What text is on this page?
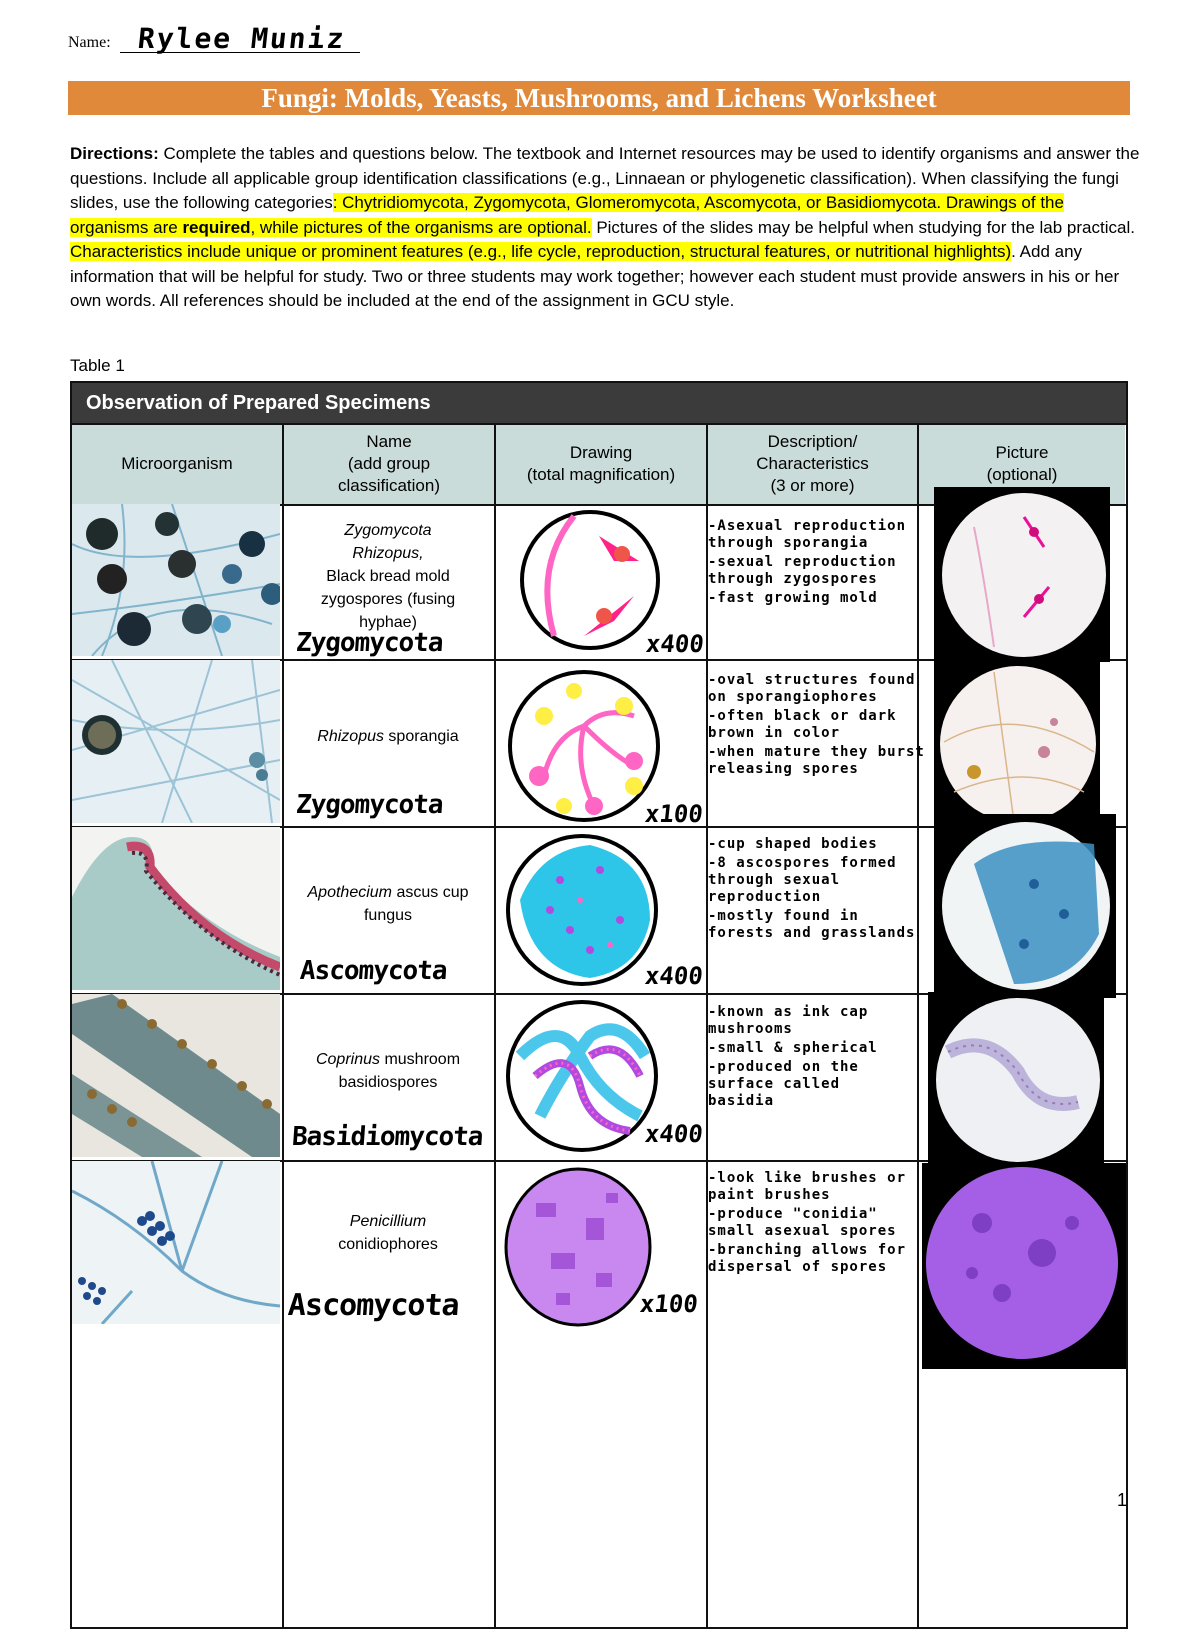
Name: Rylee Muniz
Fungi: Molds, Yeasts, Mushrooms, and Lichens Worksheet
Directions: Complete the tables and questions below. The textbook and Internet resources may be used to identify organisms and answer the questions. Include all applicable group identification classifications (e.g., Linnaean or phylogenetic classification). When classifying the fungi slides, use the following categories: Chytridiomycota, Zygomycota, Glomeromycota, Ascomycota, or Basidiomycota. Drawings of the organisms are required, while pictures of the organisms are optional. Pictures of the slides may be helpful when studying for the lab practical. Characteristics include unique or prominent features (e.g., life cycle, reproduction, structural features, or nutritional highlights). Add any information that will be helpful for study. Two or three students may work together; however each student must provide answers in his or her own words. All references should be included at the end of the assignment in GCU style.
Table 1
Observation of Prepared Specimens
Microorganism
Name
(add group
classification)
Drawing
(total magnification)
Description/
Characteristics
(3 or more)
Picture
(optional)
Zygomycota
Rhizopus,
Black bread mold zygospores (fusing hyphae)
Zygomycota
Rhizopus sporangia
Zygomycota
Apothecium ascus cup fungus
Ascomycota
Coprinus mushroom basidiospores
Basidiomycota
Penicillium
conidiophores
Ascomycota
x400
x100
x400
x400
x100
-Asexual reproduction through sporangia
-sexual reproduction through zygospores
-fast growing mold
-oval structures found on sporangiophores
-often black or dark brown in color
-when mature they burst releasing spores
-cup shaped bodies
-8 ascospores formed through sexual reproduction
-mostly found in forests and grasslands
-known as ink cap mushrooms
-small & spherical
-produced on the surface called basidia
-look like brushes or paint brushes
-produce "conidia" small asexual spores
-branching allows for dispersal of spores
1
